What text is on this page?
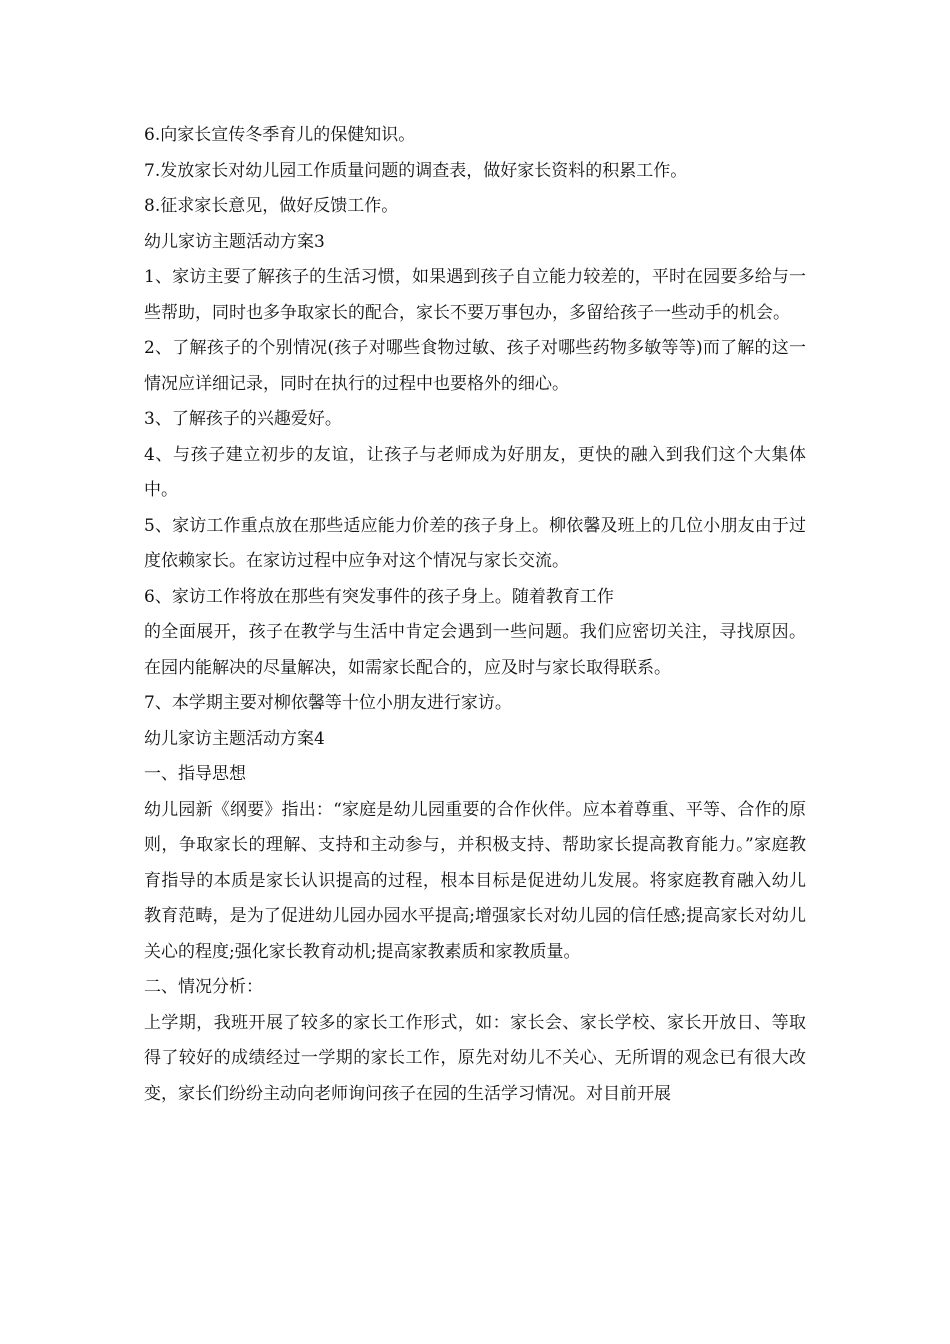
6.向家长宣传冬季育儿的保健知识。

7.发放家长对幼儿园工作质量问题的调查表，做好家长资料的积累工作。

8.征求家长意见，做好反馈工作。

幼儿家访主题活动方案3

1、家访主要了解孩子的生活习惯，如果遇到孩子自立能力较差的，平时在园要多给与一些帮助，同时也多争取家长的配合，家长不要万事包办，多留给孩子一些动手的机会。

2、了解孩子的个别情况(孩子对哪些食物过敏、孩子对哪些药物多敏等等)而了解的这一情况应详细记录，同时在执行的过程中也要格外的细心。

3、了解孩子的兴趣爱好。

4、与孩子建立初步的友谊，让孩子与老师成为好朋友，更快的融入到我们这个大集体中。

5、家访工作重点放在那些适应能力价差的孩子身上。柳依馨及班上的几位小朋友由于过度依赖家长。在家访过程中应争对这个情况与家长交流。

6、家访工作将放在那些有突发事件的孩子身上。随着教育工作

的全面展开，孩子在教学与生活中肯定会遇到一些问题。我们应密切关注，寻找原因。在园内能解决的尽量解决，如需家长配合的，应及时与家长取得联系。

7、本学期主要对柳依馨等十位小朋友进行家访。

幼儿家访主题活动方案4

一、指导思想

幼儿园新《纲要》指出：“家庭是幼儿园重要的合作伙伴。应本着尊重、平等、合作的原则，争取家长的理解、支持和主动参与，并积极支持、帮助家长提高教育能力。”家庭教育指导的本质是家长认识提高的过程，根本目标是促进幼儿发展。将家庭教育融入幼儿教育范畴，是为了促进幼儿园办园水平提高;增强家长对幼儿园的信任感;提高家长对幼儿关心的程度;强化家长教育动机;提高家教素质和家教质量。

二、情况分析：

上学期，我班开展了较多的家长工作形式，如：家长会、家长学校、家长开放日、等取得了较好的成绩经过一学期的家长工作，原先对幼儿不关心、无所谓的观念已有很大改变，家长们纷纷主动向老师询问孩子在园的生活学习情况。对目前开展
